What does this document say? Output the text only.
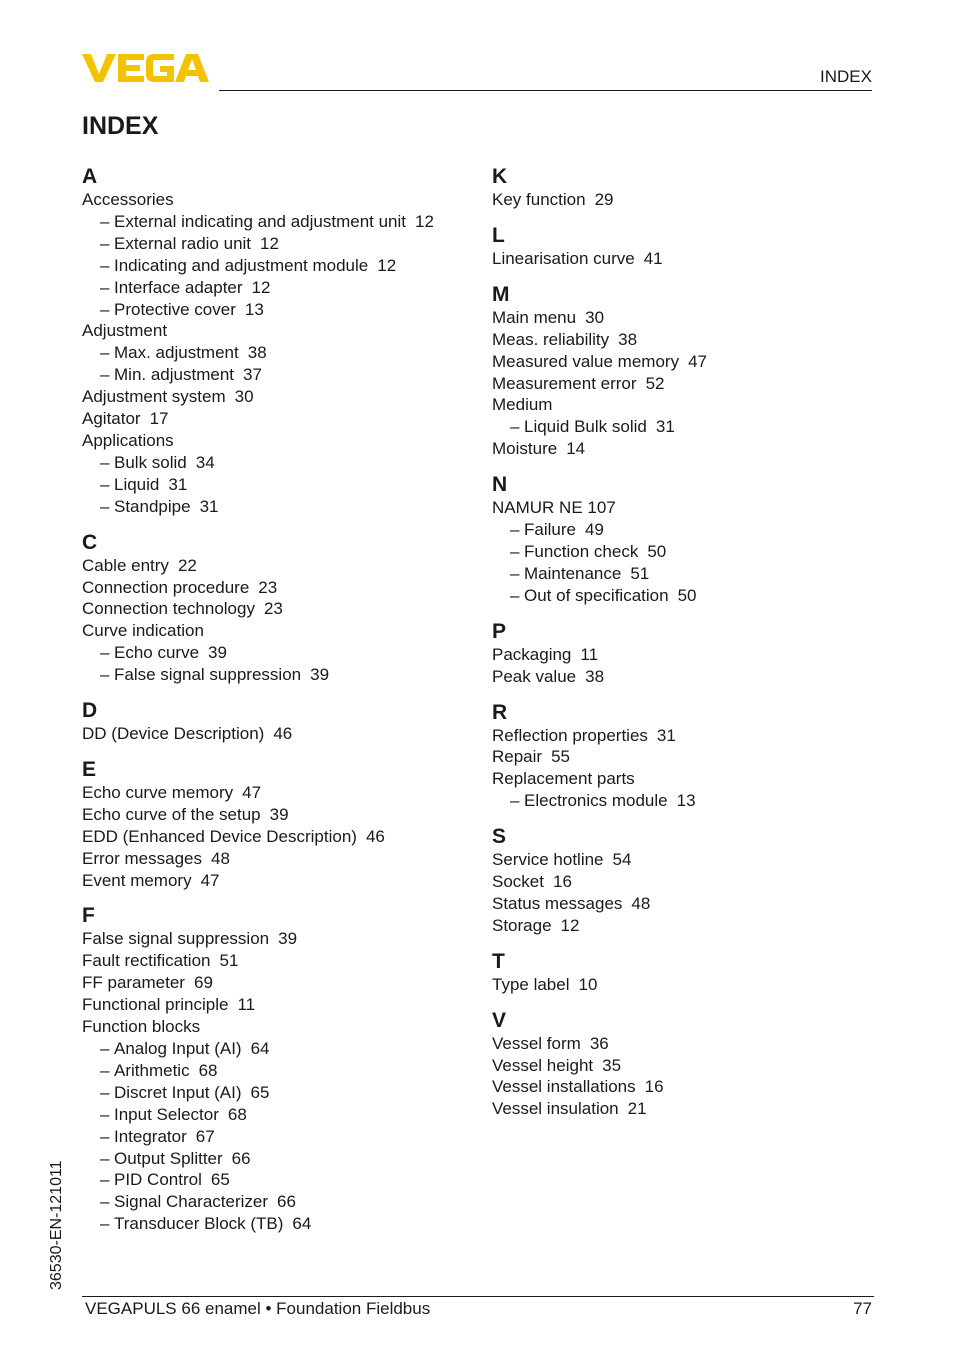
INDEX
INDEX
A
Accessories
– External indicating and adjustment unit 12
– External radio unit 12
– Indicating and adjustment module 12
– Interface adapter 12
– Protective cover 13
Adjustment
– Max. adjustment 38
– Min. adjustment 37
Adjustment system 30
Agitator 17
Applications
– Bulk solid 34
– Liquid 31
– Standpipe 31
C
Cable entry 22
Connection procedure 23
Connection technology 23
Curve indication
– Echo curve 39
– False signal suppression 39
D
DD (Device Description) 46
E
Echo curve memory 47
Echo curve of the setup 39
EDD (Enhanced Device Description) 46
Error messages 48
Event memory 47
F
False signal suppression 39
Fault rectification 51
FF parameter 69
Functional principle 11
Function blocks
– Analog Input (AI) 64
– Arithmetic 68
– Discret Input (AI) 65
– Input Selector 68
– Integrator 67
– Output Splitter 66
– PID Control 65
– Signal Characterizer 66
– Transducer Block (TB) 64
K
Key function 29
L
Linearisation curve 41
M
Main menu 30
Meas. reliability 38
Measured value memory 47
Measurement error 52
Medium
– Liquid Bulk solid 31
Moisture 14
N
NAMUR NE 107
– Failure 49
– Function check 50
– Maintenance 51
– Out of specification 50
P
Packaging 11
Peak value 38
R
Reflection properties 31
Repair 55
Replacement parts
– Electronics module 13
S
Service hotline 54
Socket 16
Status messages 48
Storage 12
T
Type label 10
V
Vessel form 36
Vessel height 35
Vessel installations 16
Vessel insulation 21
36530-EN-121011
VEGAPULS 66 enamel • Foundation Fieldbus	77
